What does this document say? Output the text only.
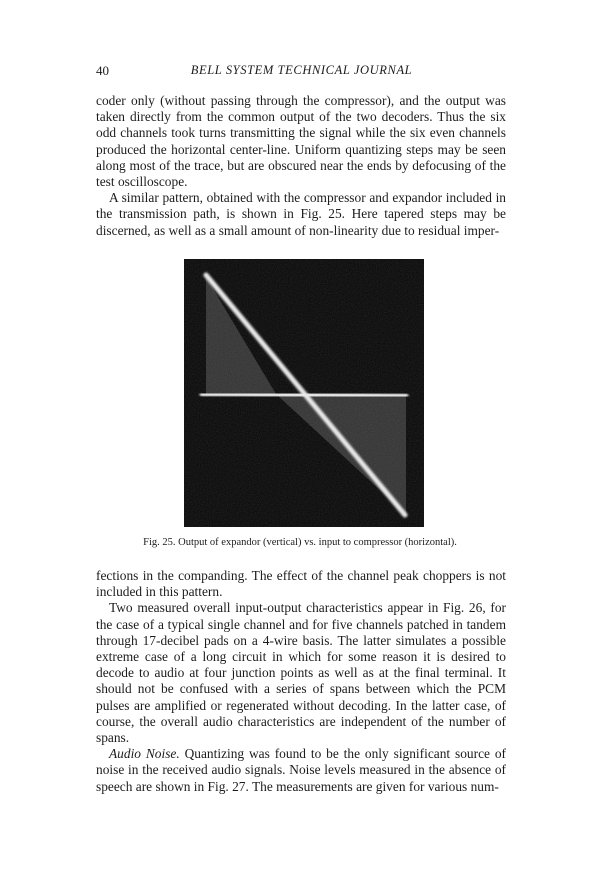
40	BELL SYSTEM TECHNICAL JOURNAL

coder only (without passing through the compressor), and the output was taken directly from the common output of the two decoders. Thus the six odd channels took turns transmitting the signal while the six even channels produced the horizontal center-line. Uniform quantizing steps may be seen along most of the trace, but are obscured near the ends by defocusing of the test oscilloscope.

A similar pattern, obtained with the compressor and expandor included in the transmission path, is shown in Fig. 25. Here tapered steps may be discerned, as well as a small amount of non-linearity due to residual imper-

Fig. 25. Output of expandor (vertical) vs. input to compressor (horizontal).

fections in the companding. The effect of the channel peak choppers is not included in this pattern.

Two measured overall input-output characteristics appear in Fig. 26, for the case of a typical single channel and for five channels patched in tandem through 17-decibel pads on a 4-wire basis. The latter simulates a possible extreme case of a long circuit in which for some reason it is desired to decode to audio at four junction points as well as at the final terminal. It should not be confused with a series of spans between which the PCM pulses are amplified or regenerated without decoding. In the latter case, of course, the overall audio characteristics are independent of the number of spans.

Audio Noise. Quantizing was found to be the only significant source of noise in the received audio signals. Noise levels measured in the absence of speech are shown in Fig. 27. The measurements are given for various num-
